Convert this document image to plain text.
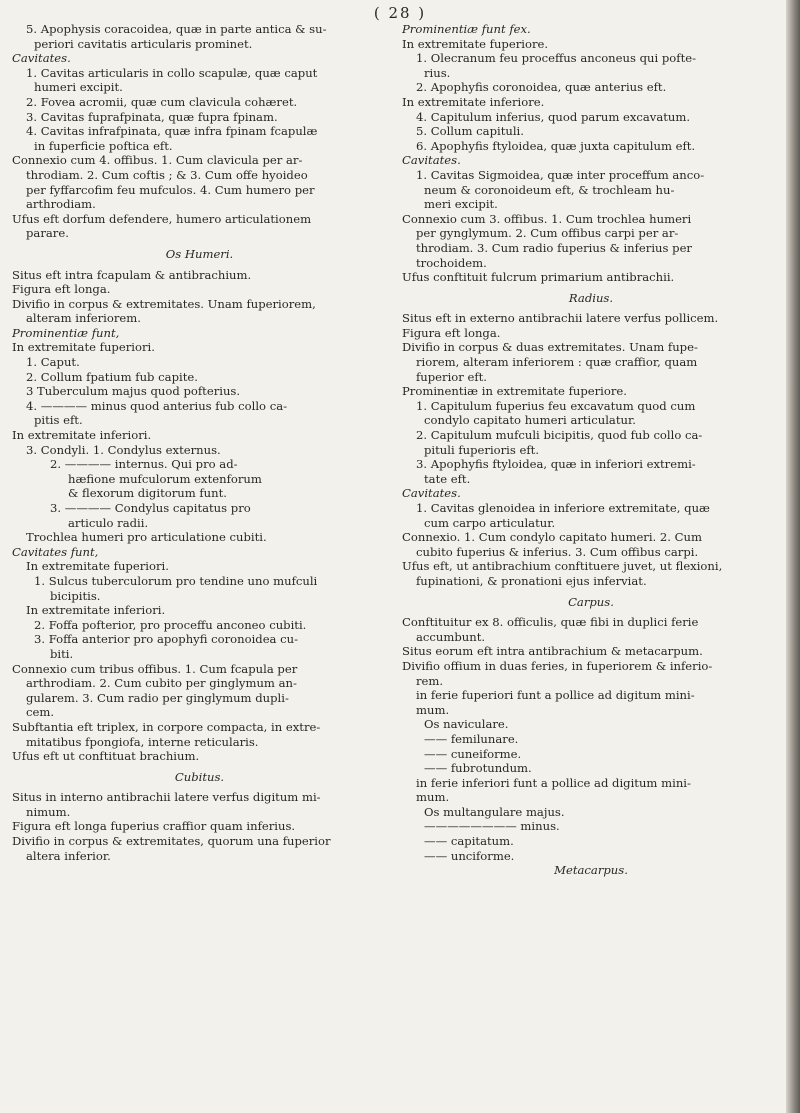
( 28 )
5. Apophysis coracoidea, quæ in parte antica & su-
periori cavitatis articularis prominet.
Cavitates.
1. Cavitas articularis in collo scapulæ, quæ caput
humeri excipit.
2. Fovea acromii, quæ cum clavicula cohæret.
3. Cavitas fuprafpinata, quæ fupra fpinam.
4. Cavitas infrafpinata, quæ infra fpinam fcapulæ
in fuperficie poftica eft.
Connexio cum 4. offibus. 1. Cum clavicula per ar-
throdiam. 2. Cum coftis ; & 3. Cum offe hyoideo
per fyffarcofim feu mufculos. 4. Cum humero per
arthrodiam.
Ufus eft dorfum defendere, humero articulationem
parare.
Os Humeri.
Situs eft intra fcapulam & antibrachium.
Figura eft longa.
Divifio in corpus & extremitates. Unam fuperiorem,
alteram inferiorem.
Prominentiæ funt,
In extremitate fuperiori.
1. Caput.
2. Collum fpatium fub capite.
3 Tuberculum majus quod pofterius.
4. ———— minus quod anterius fub collo ca-
pitis eft.
In extremitate inferiori.
3. Condyli. 1. Condylus externus.
2. ———— internus. Qui pro ad-
hæfione mufculorum extenforum
& flexorum digitorum funt.
3. ———— Condylus capitatus pro
articulo radii.
Trochlea humeri pro articulatione cubiti.
Cavitates funt,
In extremitate fuperiori.
1. Sulcus tuberculorum pro tendine uno mufculi
bicipitis.
In extremitate inferiori.
2. Foffa pofterior, pro proceffu anconeo cubiti.
3. Foffa anterior pro apophyfi coronoidea cu-
biti.
Connexio cum tribus offibus. 1. Cum fcapula per
arthrodiam. 2. Cum cubito per ginglymum an-
gularem. 3. Cum radio per ginglymum dupli-
cem.
Subftantia eft triplex, in corpore compacta, in extre-
mitatibus fpongiofa, interne reticularis.
Ufus eft ut conftituat brachium.
Cubitus.
Situs in interno antibrachii latere verfus digitum mi-
nimum.
Figura eft longa fuperius craffior quam inferius.
Divifio in corpus & extremitates, quorum una fuperior
altera inferior.
Prominentiæ funt fex.
In extremitate fuperiore.
1. Olecranum feu proceffus anconeus qui pofte-
rius.
2. Apophyfis coronoidea, quæ anterius eft.
In extremitate inferiore.
4. Capitulum inferius, quod parum excavatum.
5. Collum capituli.
6. Apophyfis ftyloidea, quæ juxta capitulum eft.
Cavitates.
1. Cavitas Sigmoidea, quæ inter proceffum anco-
neum & coronoideum eft, & trochleam hu-
meri excipit.
Connexio cum 3. offibus. 1. Cum trochlea humeri
per gynglymum. 2. Cum offibus carpi per ar-
throdiam. 3. Cum radio fuperius & inferius per
trochoidem.
Ufus conftituit fulcrum primarium antibrachii.
Radius.
Situs eft in externo antibrachii latere verfus pollicem.
Figura eft longa.
Divifio in corpus & duas extremitates. Unam fupe-
riorem, alteram inferiorem : quæ craffior, quam
fuperior eft.
Prominentiæ in extremitate fuperiore.
1. Capitulum fuperius feu excavatum quod cum
condylo capitato humeri articulatur.
2. Capitulum mufculi bicipitis, quod fub collo ca-
pituli fuperioris eft.
3. Apophyfis ftyloidea, quæ in inferiori extremi-
tate eft.
Cavitates.
1. Cavitas glenoidea in inferiore extremitate, quæ
cum carpo articulatur.
Connexio. 1. Cum condylo capitato humeri. 2. Cum
cubito fuperius & inferius. 3. Cum offibus carpi.
Ufus eft, ut antibrachium conftituere juvet, ut flexioni,
fupinationi, & pronationi ejus inferviat.
Carpus.
Conftituitur ex 8. officulis, quæ fibi in duplici ferie
accumbunt.
Situs eorum eft intra antibrachium & metacarpum.
Divifio offium in duas feries, in fuperiorem & inferio-
rem.
in ferie fuperiori funt a pollice ad digitum mini-
mum.
Os naviculare.
—— femilunare.
—— cuneiforme.
—— fubrotundum.
in ferie inferiori funt a pollice ad digitum mini-
mum.
Os multangulare majus.
———————— minus.
—— capitatum.
—— unciforme.
Metacarpus.
